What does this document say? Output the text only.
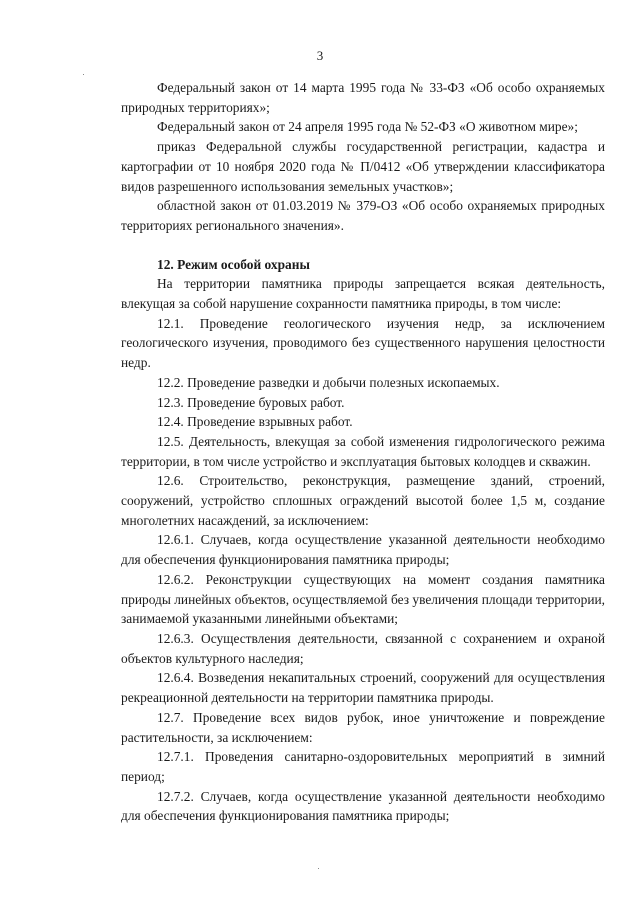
3

Федеральный закон от 14 марта 1995 года № 33-ФЗ «Об особо охраняемых природных территориях»;

Федеральный закон от 24 апреля 1995 года № 52-ФЗ «О животном мире»;

приказ Федеральной службы государственной регистрации, кадастра и картографии от 10 ноября 2020 года № П/0412 «Об утверждении классификатора видов разрешенного использования земельных участков»;

областной закон от 01.03.2019 № 379-ОЗ «Об особо охраняемых природных территориях регионального значения».

12. Режим особой охраны

На территории памятника природы запрещается всякая деятельность, влекущая за собой нарушение сохранности памятника природы, в том числе:

12.1. Проведение геологического изучения недр, за исключением геологического изучения, проводимого без существенного нарушения целостности недр.

12.2. Проведение разведки и добычи полезных ископаемых.

12.3. Проведение буровых работ.

12.4. Проведение взрывных работ.

12.5. Деятельность, влекущая за собой изменения гидрологического режима территории, в том числе устройство и эксплуатация бытовых колодцев и скважин.

12.6. Строительство, реконструкция, размещение зданий, строений, сооружений, устройство сплошных ограждений высотой более 1,5 м, создание многолетних насаждений, за исключением:

12.6.1. Случаев, когда осуществление указанной деятельности необходимо для обеспечения функционирования памятника природы;

12.6.2. Реконструкции существующих на момент создания памятника природы линейных объектов, осуществляемой без увеличения площади территории, занимаемой указанными линейными объектами;

12.6.3. Осуществления деятельности, связанной с сохранением и охраной объектов культурного наследия;

12.6.4. Возведения некапитальных строений, сооружений для осуществления рекреационной деятельности на территории памятника природы.

12.7. Проведение всех видов рубок, иное уничтожение и повреждение растительности, за исключением:

12.7.1. Проведения санитарно-оздоровительных мероприятий в зимний период;

12.7.2. Случаев, когда осуществление указанной деятельности необходимо для обеспечения функционирования памятника природы;
